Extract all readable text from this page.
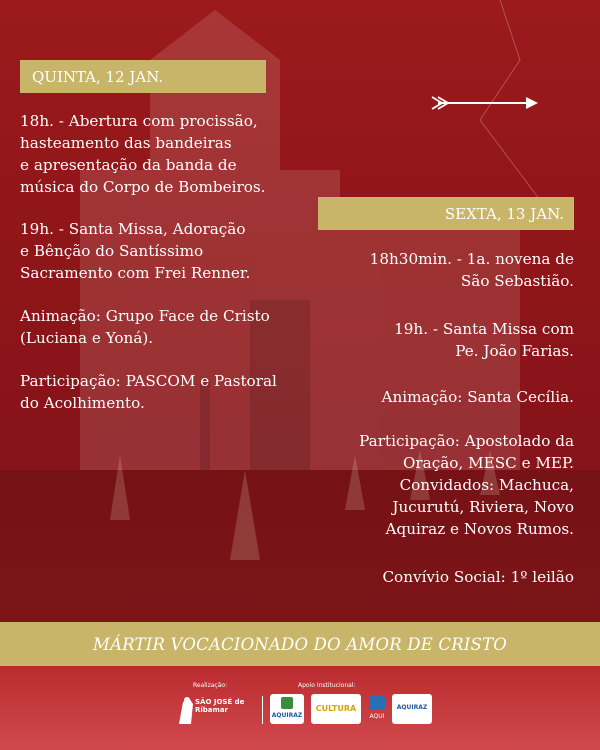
QUINTA, 12 JAN.

18h. - Abertura com procissão,
hasteamento das bandeiras
e apresentação da banda de
música do Corpo de Bombeiros.

19h. - Santa Missa, Adoração
e Bênção do Santíssimo
Sacramento com Frei Renner.

Animação: Grupo Face de Cristo
(Luciana e Yoná).

Participação: PASCOM e Pastoral
do Acolhimento.

SEXTA, 13 JAN.

18h30min. - 1a. novena de
São Sebastião.

19h. - Santa Missa com
Pe. João Farias.

Animação: Santa Cecília.

Participação: Apostolado da
Oração, MESC e MEP.
Convidados: Machuca,
Jucurutú, Riviera, Novo
Aquiraz e Novos Rumos.

Convívio Social: 1º leilão

MÁRTIR VOCACIONADO DO AMOR DE CRISTO
Realização:
SÃO JOSÉ de Ribamar
Apoio Institucional:
AQUIRAZ
CULTURA
AQUI
AQUIRAZ
